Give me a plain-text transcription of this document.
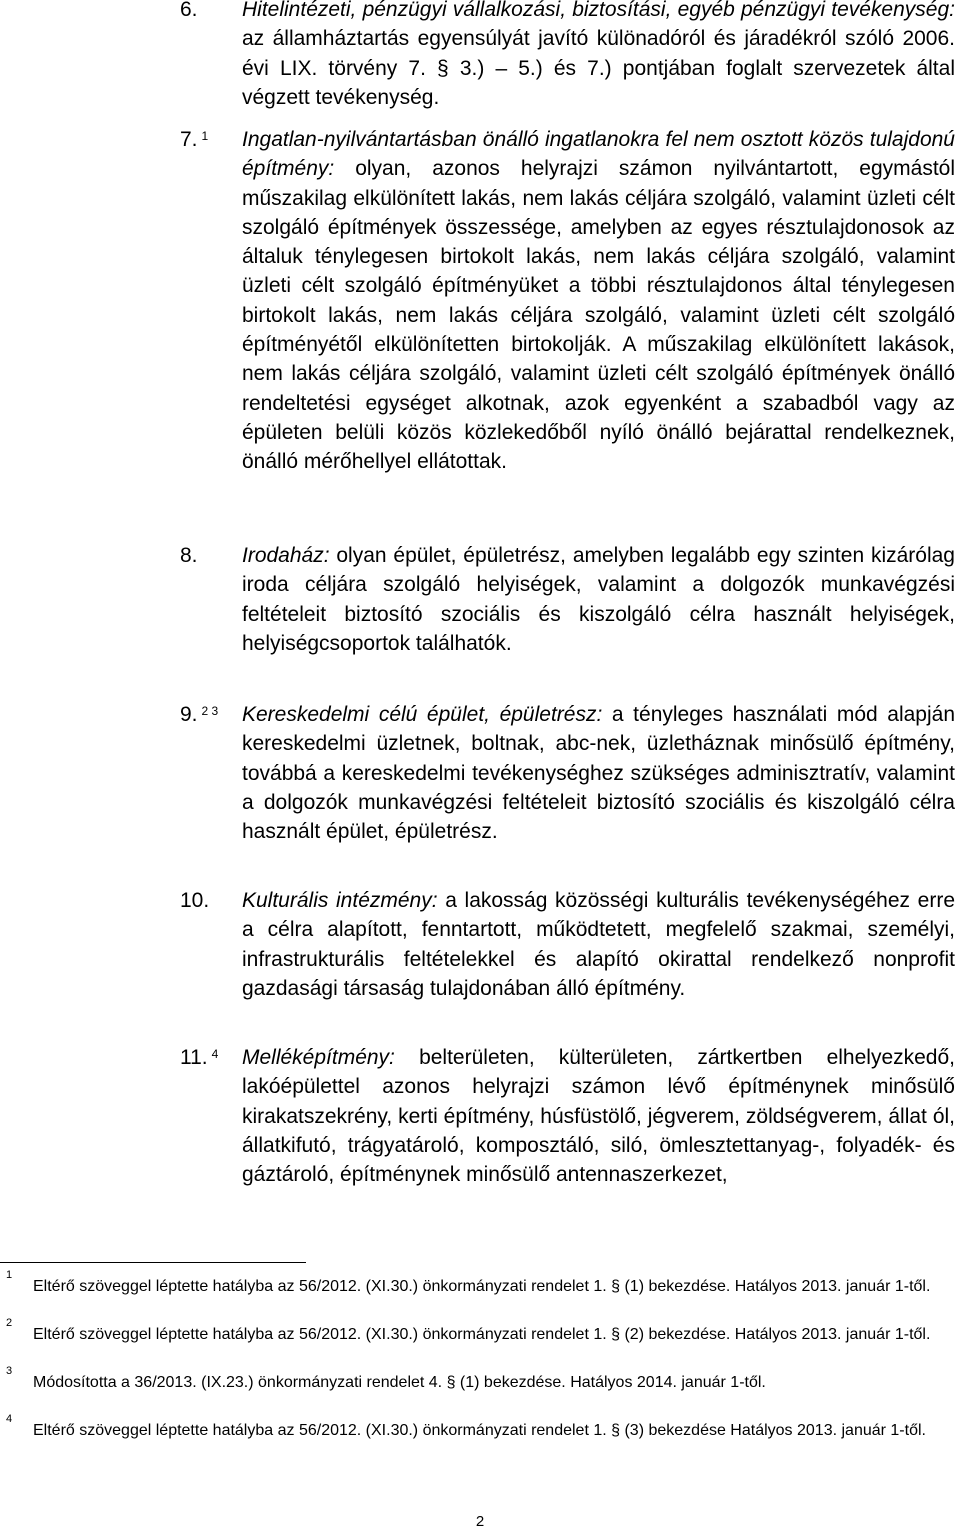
6. Hitelintézeti, pénzügyi vállalkozási, biztosítási, egyéb pénzügyi tevékenység: az államháztartás egyensúlyát javító különadóról és járadékról szóló 2006. évi LIX. törvény 7. § 3.) – 5.) és 7.) pontjában foglalt szervezetek által végzett tevékenység.

7. $^1$ Ingatlan-nyilvántartásban önálló ingatlanokra fel nem osztott közös tulajdonú építmény: olyan, azonos helyrajzi számon nyilvántartott, egymástól műszakilag elkülönített lakás, nem lakás céljára szolgáló, valamint üzleti célt szolgáló építmények összessége, amelyben az egyes résztulajdonosok az általuk ténylegesen birtokolt lakás, nem lakás céljára szolgáló, valamint üzleti célt szolgáló építményüket a többi résztulajdonos által ténylegesen birtokolt lakás, nem lakás céljára szolgáló, valamint üzleti célt szolgáló építményétől elkülönítetten birtokolják. A műszakilag elkülönített lakások, nem lakás céljára szolgáló, valamint üzleti célt szolgáló építmények önálló rendeltetési egységet alkotnak, azok egyenként a szabadból vagy az épületen belüli közös közlekedőből nyíló önálló bejárattal rendelkeznek, önálló mérőhellyel ellátottak.

8. Irodaház: olyan épület, épületrész, amelyben legalább egy szinten kizárólag iroda céljára szolgáló helyiségek, valamint a dolgozók munkavégzési feltételeit biztosító szociális és kiszolgáló célra használt helyiségek, helyiségcsoportok találhatók.

9. $^{2 3}$ Kereskedelmi célú épület, épületrész: a tényleges használati mód alapján kereskedelmi üzletnek, boltnak, abc-nek, üzletháznak minősülő építmény, továbbá a kereskedelmi tevékenységhez szükséges adminisztratív, valamint a dolgozók munkavégzési feltételeit biztosító szociális és kiszolgáló célra használt épület, épületrész.

10. Kulturális intézmény: a lakosság közösségi kulturális tevékenységéhez erre a célra alapított, fenntartott, működtetett, megfelelő szakmai, személyi, infrastrukturális feltételekkel és alapító okirattal rendelkező nonprofit gazdasági társaság tulajdonában álló építmény.

11. $^4$ Melléképítmény: belterületen, külterületen, zártkertben elhelyezkedő, lakóépülettel azonos helyrajzi számon lévő építménynek minősülő kirakatszekrény, kerti építmény, húsfüstölő, jégverem, zöldségverem, állat ól, állatkifutó, trágyatároló, komposztáló, siló, ömlesztettanyag-, folyadék- és gáztároló, építménynek minősülő antennaszerkezet,

1

Eltérő szöveggel léptette hatályba az 56/2012. (XI.30.) önkormányzati rendelet 1. § (1) bekezdése. Hatályos 2013. január 1-től.

2

Eltérő szöveggel léptette hatályba az 56/2012. (XI.30.) önkormányzati rendelet 1. § (2) bekezdése. Hatályos 2013. január 1-től.

3

Módosította a 36/2013. (IX.23.) önkormányzati rendelet 4. § (1) bekezdése. Hatályos 2014. január 1-től.

4

Eltérő szöveggel léptette hatályba az 56/2012. (XI.30.) önkormányzati rendelet 1. § (3) bekezdése Hatályos 2013. január 1-től.

2
